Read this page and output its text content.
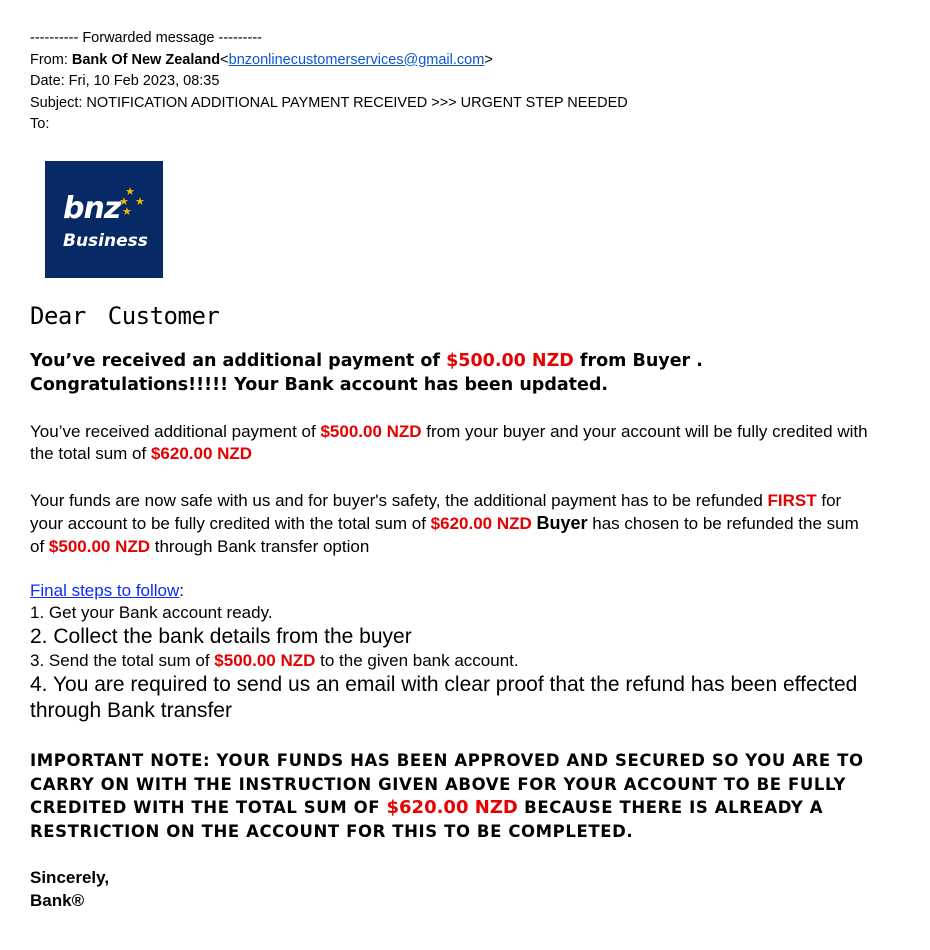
---------- Forwarded message ---------
From: Bank Of New Zealand<bnzonlinecustomerservices@gmail.com>
Date: Fri, 10 Feb 2023, 08:35
Subject: NOTIFICATION ADDITIONAL PAYMENT RECEIVED >>> URGENT STEP NEEDED
To:
★
★  ★
★
bnz
Business
Dear Customer
You’ve received an additional payment of $500.00 NZD from Buyer .
Congratulations!!!!! Your Bank account has been updated.
You’ve received additional payment of $500.00 NZD from your buyer and your account will be fully credited with the total sum of $620.00 NZD
Your funds are now safe with us and for buyer's safety, the additional payment has to be refunded FIRST for your account to be fully credited with the total sum of $620.00 NZD Buyer has chosen to be refunded the sum of $500.00 NZD through Bank transfer option
Final steps to follow:
1. Get your Bank account ready.
2. Collect the bank details from the buyer
3. Send the total sum of $500.00 NZD to the given bank account.
4. You are required to send us an email with clear proof that the refund has been effected through Bank transfer
IMPORTANT NOTE: YOUR FUNDS HAS BEEN APPROVED AND SECURED SO YOU ARE TO CARRY ON WITH THE INSTRUCTION GIVEN ABOVE FOR YOUR ACCOUNT TO BE FULLY CREDITED WITH THE TOTAL SUM OF $620.00 NZD BECAUSE THERE IS ALREADY A RESTRICTION ON THE ACCOUNT FOR THIS TO BE COMPLETED.
Sincerely,
Bank®
